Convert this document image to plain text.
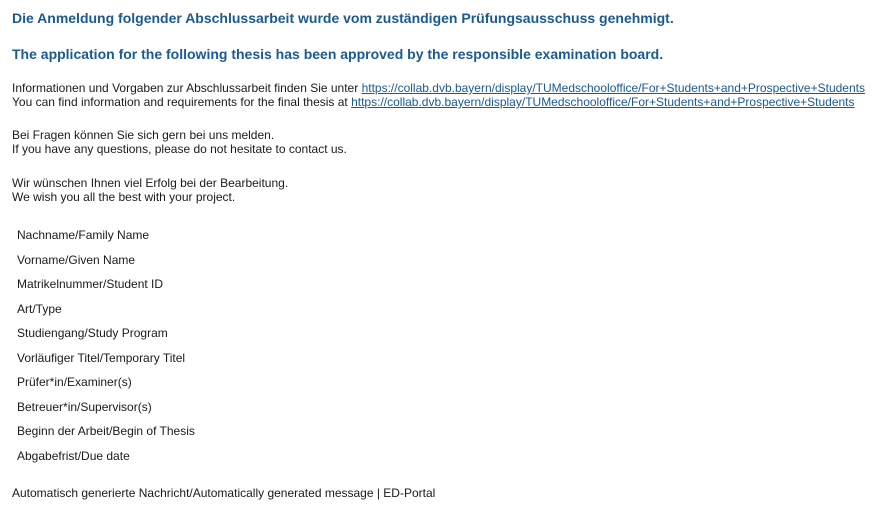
Die Anmeldung folgender Abschlussarbeit wurde vom zuständigen Prüfungsausschuss genehmigt.
The application for the following thesis has been approved by the responsible examination board.
Informationen und Vorgaben zur Abschlussarbeit finden Sie unter https://collab.dvb.bayern/display/TUMedschooloffice/For+Students+and+Prospective+Students
You can find information and requirements for the final thesis at https://collab.dvb.bayern/display/TUMedschooloffice/For+Students+and+Prospective+Students
Bei Fragen können Sie sich gern bei uns melden.
If you have any questions, please do not hesitate to contact us.
Wir wünschen Ihnen viel Erfolg bei der Bearbeitung.
We wish you all the best with your project.
Nachname/Family Name
Vorname/Given Name
Matrikelnummer/Student ID
Art/Type
Studiengang/Study Program
Vorläufiger Titel/Temporary Titel
Prüfer*in/Examiner(s)
Betreuer*in/Supervisor(s)
Beginn der Arbeit/Begin of Thesis
Abgabefrist/Due date
Automatisch generierte Nachricht/Automatically generated message | ED-Portal
